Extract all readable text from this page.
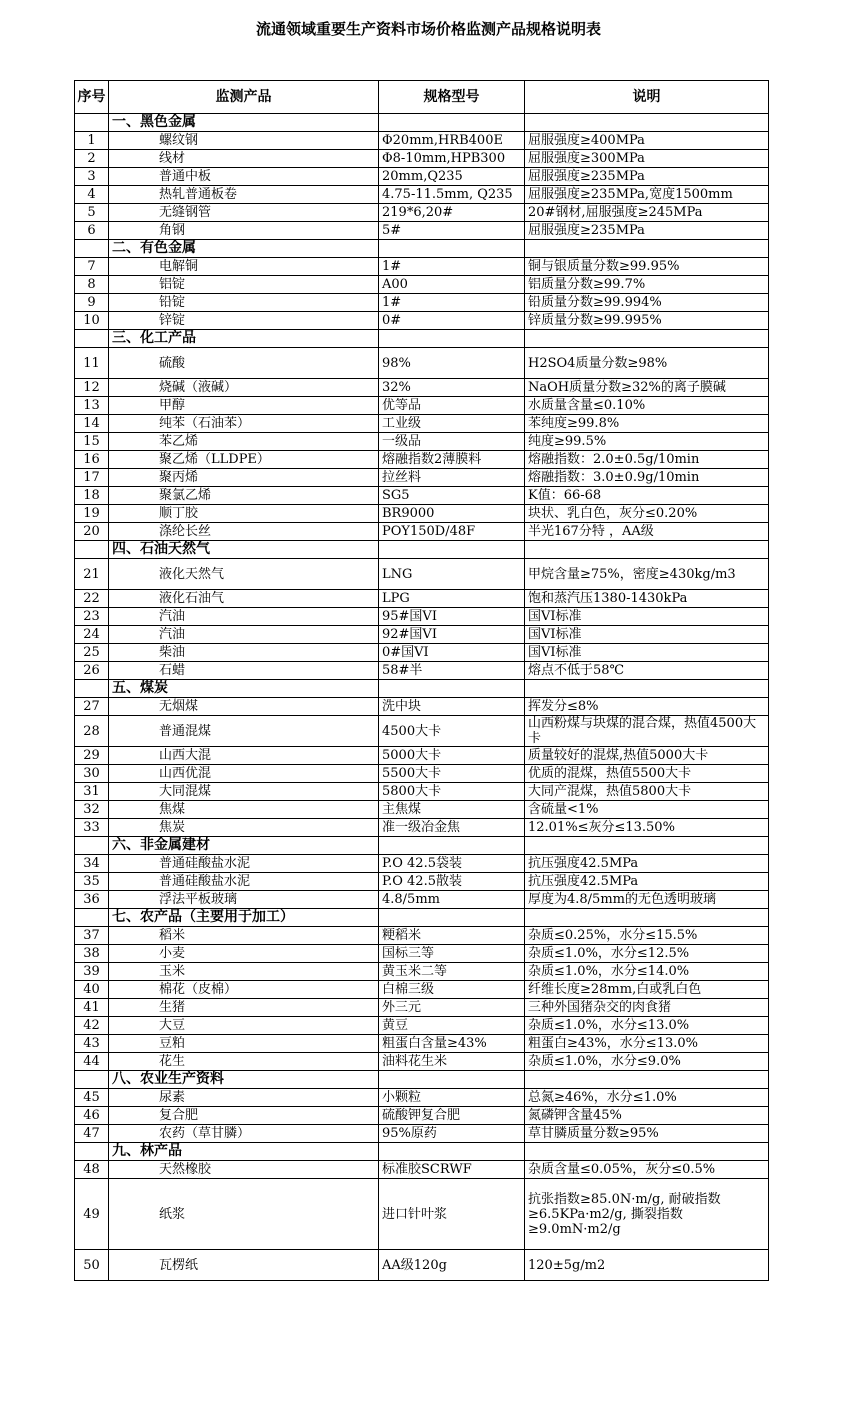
流通领域重要生产资料市场价格监测产品规格说明表
序号	监测产品	规格型号	说明
	一、黑色金属		
1	螺纹钢	Φ20mm,HRB400E	屈服强度≥400MPa
2	线材	Φ8-10mm,HPB300	屈服强度≥300MPa
3	普通中板	20mm,Q235	屈服强度≥235MPa
4	热轧普通板卷	4.75-11.5mm, Q235	屈服强度≥235MPa,宽度1500mm
5	无缝钢管	219*6,20#	20#钢材,屈服强度≥245MPa
6	角钢	5#	屈服强度≥235MPa
	二、有色金属		
7	电解铜	1#	铜与银质量分数≥99.95%
8	铝锭	A00	铝质量分数≥99.7%
9	铅锭	1#	铅质量分数≥99.994%
10	锌锭	0#	锌质量分数≥99.995%
	三、化工产品		
11	硫酸	98%	H2SO4质量分数≥98%
12	烧碱（液碱）	32%	NaOH质量分数≥32%的离子膜碱
13	甲醇	优等品	水质量含量≤0.10%
14	纯苯（石油苯）	工业级	苯纯度≥99.8%
15	苯乙烯	一级品	纯度≥99.5%
16	聚乙烯（LLDPE）	熔融指数2薄膜料	熔融指数：2.0±0.5g/10min
17	聚丙烯	拉丝料	熔融指数：3.0±0.9g/10min
18	聚氯乙烯	SG5	K值：66-68
19	顺丁胶	BR9000	块状、乳白色，灰分≤0.20%
20	涤纶长丝	POY150D/48F	半光167分特 ，AA级
	四、石油天然气		
21	液化天然气	LNG	甲烷含量≥75%，密度≥430kg/m3
22	液化石油气	LPG	饱和蒸汽压1380-1430kPa
23	汽油	95#国VI	国VI标准
24	汽油	92#国VI	国VI标准
25	柴油	0#国VI	国VI标准
26	石蜡	58#半	熔点不低于58℃
	五、煤炭		
27	无烟煤	洗中块	挥发分≤8%
28	普通混煤	4500大卡	山西粉煤与块煤的混合煤，热值4500大卡
29	山西大混	5000大卡	质量较好的混煤,热值5000大卡
30	山西优混	5500大卡	优质的混煤，热值5500大卡
31	大同混煤	5800大卡	大同产混煤，热值5800大卡
32	焦煤	主焦煤	含硫量<1%
33	焦炭	准一级冶金焦	12.01%≤灰分≤13.50%
	六、非金属建材		
34	普通硅酸盐水泥	P.O 42.5袋装	抗压强度42.5MPa
35	普通硅酸盐水泥	P.O 42.5散装	抗压强度42.5MPa
36	浮法平板玻璃	4.8/5mm	厚度为4.8/5mm的无色透明玻璃
	七、农产品（主要用于加工）		
37	稻米	粳稻米	杂质≤0.25%，水分≤15.5%
38	小麦	国标三等	杂质≤1.0%，水分≤12.5%
39	玉米	黄玉米二等	杂质≤1.0%，水分≤14.0%
40	棉花（皮棉）	白棉三级	纤维长度≥28mm,白或乳白色
41	生猪	外三元	三种外国猪杂交的肉食猪
42	大豆	黄豆	杂质≤1.0%，水分≤13.0%
43	豆粕	粗蛋白含量≥43%	粗蛋白≥43%，水分≤13.0%
44	花生	油料花生米	杂质≤1.0%，水分≤9.0%
	八、农业生产资料		
45	尿素	小颗粒	总氮≥46%，水分≤1.0%
46	复合肥	硫酸钾复合肥	氮磷钾含量45%
47	农药（草甘膦）	95%原药	草甘膦质量分数≥95%
	九、林产品		
48	天然橡胶	标准胶SCRWF	杂质含量≤0.05%，灰分≤0.5%
49	纸浆	进口针叶浆	抗张指数≥85.0N·m/g, 耐破指数≥6.5KPa·m2/g, 撕裂指数≥9.0mN·m2/g
50	瓦楞纸	AA级120g	120±5g/m2
